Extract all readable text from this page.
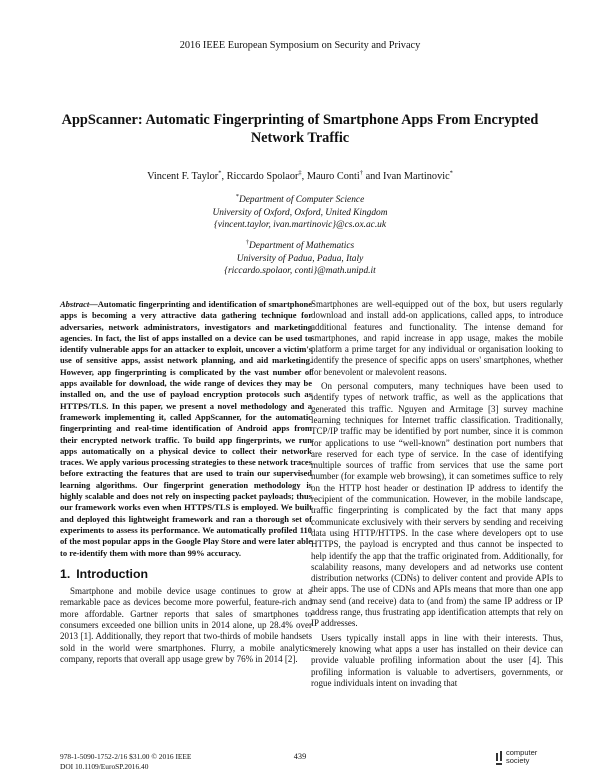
2016 IEEE European Symposium on Security and Privacy
AppScanner: Automatic Fingerprinting of Smartphone Apps From Encrypted Network Traffic
Vincent F. Taylor*, Riccardo Spolaor‡, Mauro Conti† and Ivan Martinovic*
*Department of Computer Science
University of Oxford, Oxford, United Kingdom
{vincent.taylor, ivan.martinovic}@cs.ox.ac.uk
†Department of Mathematics
University of Padua, Padua, Italy
{riccardo.spolaor, conti}@math.unipd.it
Abstract—Automatic fingerprinting and identification of smartphone apps is becoming a very attractive data gathering technique for adversaries, network administrators, investigators and marketing agencies. In fact, the list of apps installed on a device can be used to identify vulnerable apps for an attacker to exploit, uncover a victim's use of sensitive apps, assist network planning, and aid marketing. However, app fingerprinting is complicated by the vast number of apps available for download, the wide range of devices they may be installed on, and the use of payload encryption protocols such as HTTPS/TLS. In this paper, we present a novel methodology and a framework implementing it, called AppScanner, for the automatic fingerprinting and real-time identification of Android apps from their encrypted network traffic. To build app fingerprints, we run apps automatically on a physical device to collect their network traces. We apply various processing strategies to these network traces before extracting the features that are used to train our supervised learning algorithms. Our fingerprint generation methodology is highly scalable and does not rely on inspecting packet payloads; thus our framework works even when HTTPS/TLS is employed. We built and deployed this lightweight framework and ran a thorough set of experiments to assess its performance. We automatically profiled 110 of the most popular apps in the Google Play Store and were later able to re-identify them with more than 99% accuracy.
1. Introduction

Smartphone and mobile device usage continues to grow at a remarkable pace as devices become more powerful, feature-rich and more affordable. Gartner reports that sales of smartphones to consumers exceeded one billion units in 2014 alone, up 28.4% over 2013 [1]. Additionally, they report that two-thirds of mobile handsets sold in the world were smartphones. Flurry, a mobile analytics company, reports that overall app usage grew by 76% in 2014 [2].

Smartphones are well-equipped out of the box, but users regularly download and install add-on applications, called apps, to introduce additional features and functionality. The intense demand for smartphones, and rapid increase in app usage, makes the mobile platform a prime target for any individual or organisation looking to identify the presence of specific apps on users' smartphones, whether for benevolent or malevolent reasons.

On personal computers, many techniques have been used to identify types of network traffic, as well as the applications that generated this traffic. Nguyen and Armitage [3] survey machine learning techniques for Internet traffic classification. Traditionally, TCP/IP traffic may be identified by port number, since it is common for applications to use “well-known” destination port numbers that are reserved for each type of service. In the case of identifying multiple sources of traffic from services that use the same port number (for example web browsing), it can sometimes suffice to rely on the HTTP host header or destination IP address to identify the recipient of the communication. However, in the mobile landscape, traffic fingerprinting is complicated by the fact that many apps communicate exclusively with their servers by sending and receiving data using HTTP/HTTPS. In the case where developers opt to use HTTPS, the payload is encrypted and thus cannot be inspected to help identify the app that the traffic originated from. Additionally, for scalability reasons, many developers and ad networks use content distribution networks (CDNs) to deliver content and provide APIs to their apps. The use of CDNs and APIs means that more than one app may send (and receive) data to (and from) the same IP address or IP address range, thus frustrating app identification attempts that rely on IP addresses.

Users typically install apps in line with their interests. Thus, merely knowing what apps a user has installed on their device can provide valuable profiling information about the user [4]. This profiling information is valuable to advertisers, governments, or rogue individuals intent on invading that

978-1-5090-1752-2/16 $31.00 © 2016 IEEE
DOI 10.1109/EuroSP.2016.40
439	computer
society
